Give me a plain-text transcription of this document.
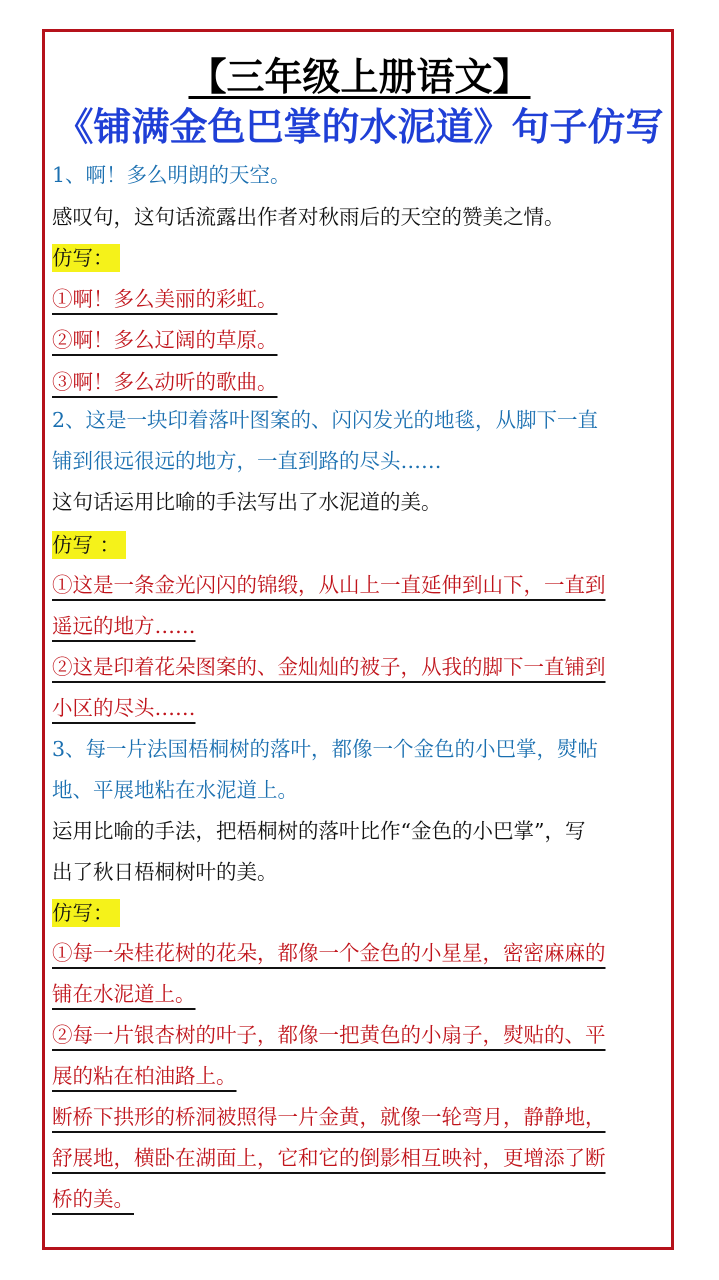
【三年级上册语文】
《铺满金色巴掌的水泥道》句子仿写
1、啊！多么明朗的天空。
感叹句，这句话流露出作者对秋雨后的天空的赞美之情。
仿写：
①啊！多么美丽的彩虹。
②啊！多么辽阔的草原。
③啊！多么动听的歌曲。
2、这是一块印着落叶图案的、闪闪发光的地毯，从脚下一直
铺到很远很远的地方，一直到路的尽头……
这句话运用比喻的手法写出了水泥道的美。
仿写 ：
①这是一条金光闪闪的锦缎，从山上一直延伸到山下，一直到
遥远的地方……
②这是印着花朵图案的、金灿灿的被子，从我的脚下一直铺到
小区的尽头……
3、每一片法国梧桐树的落叶，都像一个金色的小巴掌，熨帖
地、平展地粘在水泥道上。
运用比喻的手法，把梧桐树的落叶比作“金色的小巴掌”，写
出了秋日梧桐树叶的美。
仿写：
①每一朵桂花树的花朵，都像一个金色的小星星，密密麻麻的
铺在水泥道上。
②每一片银杏树的叶子，都像一把黄色的小扇子，熨贴的、平
展的粘在柏油路上。
断桥下拱形的桥洞被照得一片金黄，就像一轮弯月，静静地，
舒展地，横卧在湖面上，它和它的倒影相互映衬，更增添了断
桥的美。
